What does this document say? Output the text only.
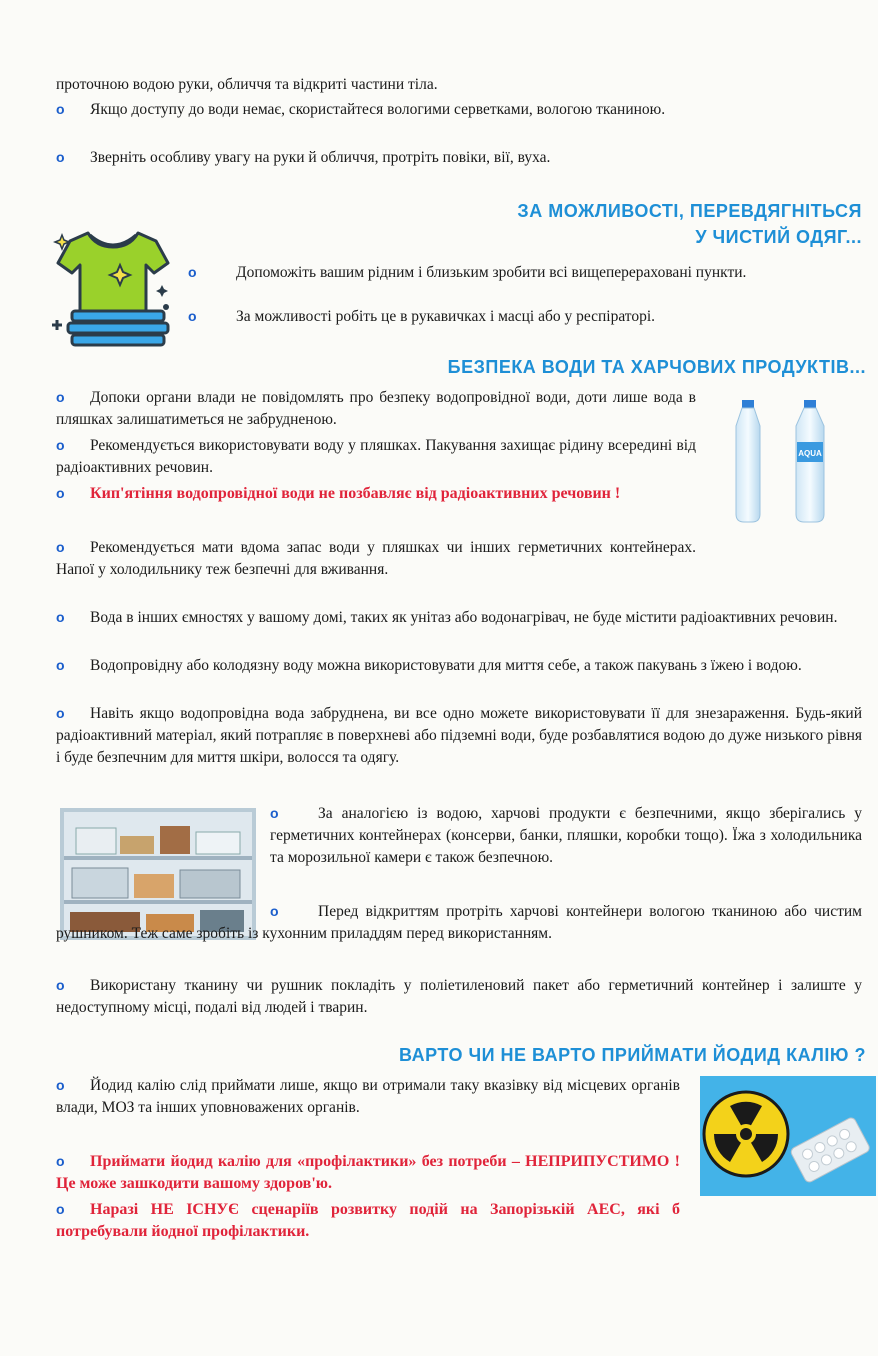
проточною водою руки, обличчя та відкриті частини тіла.

o Якщо доступу до води немає, скористайтеся вологими серветками, вологою тканиною.

o Зверніть особливу увагу на руки й обличчя, протріть повіки, вії, вуха.

ЗА МОЖЛИВОСТІ, ПЕРЕВДЯГНІТЬСЯ
У ЧИСТИЙ ОДЯГ...

o	Допоможіть вашим рідним і близьким зробити всі вищеперераховані пункти.

o	За можливості робіть це в рукавичках і масці або у респіраторі.

БЕЗПЕКА ВОДИ ТА ХАРЧОВИХ ПРОДУКТІВ...

o Допоки органи влади не повідомлять про безпеку водопровідної води, доти лише вода в пляшках залишатиметься не забрудненою.

o Рекомендується використовувати воду у пляшках. Пакування захищає рідину всередині від радіоактивних речовин.

o Кип'ятіння водопровідної води не позбавляє від радіоактивних речовин !

o Рекомендується мати вдома запас води у пляшках чи інших герметичних контейнерах. Напої у холодильнику теж безпечні для вживання.

AQUA

o Вода в інших ємностях у вашому домі, таких як унітаз або водонагрівач, не буде містити радіоактивних речовин.

o Водопровідну або колодязну воду можна використовувати для миття себе, а також пакувань з їжею і водою.

o Навіть якщо водопровідна вода забруднена, ви все одно можете використовувати її для знезараження. Будь-який радіоактивний матеріал, який потрапляє в поверхневі або підземні води, буде розбавлятися водою до дуже низького рівня і буде безпечним для миття шкіри, волосся та одягу.

o	За аналогією із водою, харчові продукти є безпечними, якщо зберігались у герметичних контейнерах (консерви, банки, пляшки, коробки тощо). Їжа з холодильника та морозильної камери є також безпечною.

o	Перед відкриттям протріть харчові контейнери вологою тканиною або чистим рушником. Теж саме зробіть із кухонним приладдям перед використанням.

o Використану тканину чи рушник покладіть у поліетиленовий пакет або герметичний контейнер і залиште у недоступному місці, подалі від людей і тварин.

ВАРТО ЧИ НЕ ВАРТО ПРИЙМАТИ ЙОДИД КАЛІЮ ?

o Йодид калію слід приймати лише, якщо ви отримали таку вказівку від місцевих органів влади, МОЗ та інших уповноважених органів.

o Приймати йодид калію для «профілактики» без потреби – НЕПРИПУСТИМО ! Це може зашкодити вашому здоров'ю.

o Наразі НЕ ІСНУЄ сценаріїв розвитку подій на Запорізькій АЕС, які б потребували йодної профілактики.
